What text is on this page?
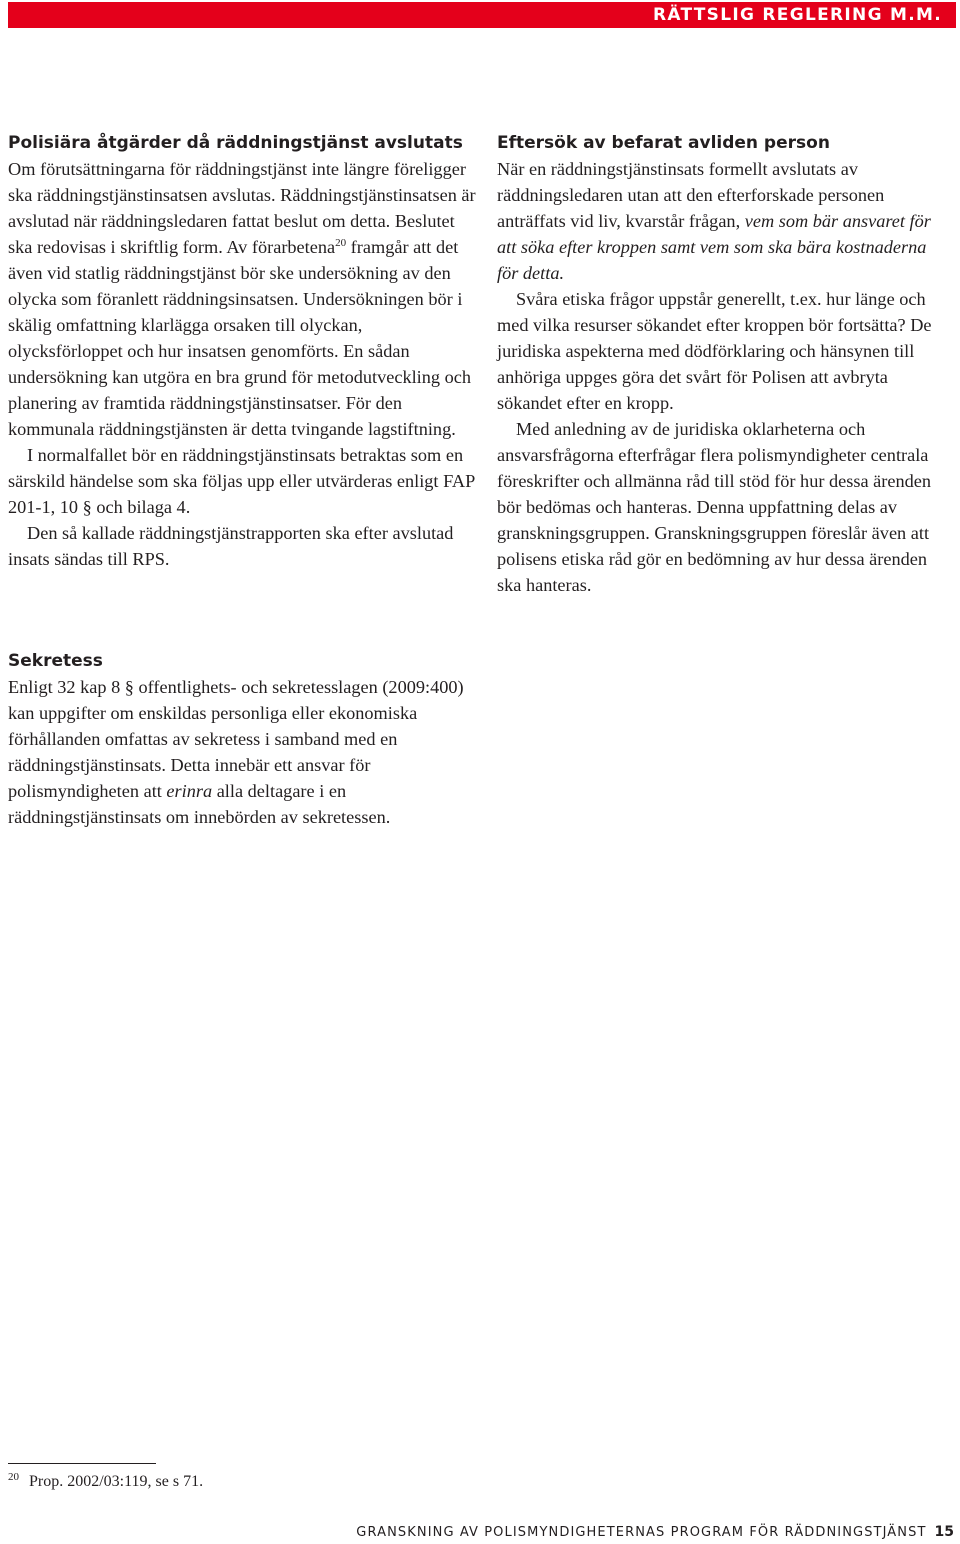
RÄTTSLIG REGLERING M.M.
Polisiära åtgärder då räddningstjänst avslutats

Om förutsättningarna för räddningstjänst inte längre föreligger ska räddningstjänstinsatsen avslutas. Räddningstjänstinsatsen är avslutad när räddningsledaren fattat beslut om detta. Beslutet ska redovisas i skriftlig form. Av förarbetena$^{20}$ framgår att det även vid statlig räddningstjänst bör ske undersökning av den olycka som föranlett räddningsinsatsen. Undersökningen bör i skälig omfattning klarlägga orsaken till olyckan, olycksförloppet och hur insatsen genomförts. En sådan undersökning kan utgöra en bra grund för metodutveckling och planering av framtida räddningstjänstinsatser. För den kommunala räddningstjänsten är detta tvingande lagstiftning.

I normalfallet bör en räddningstjänstinsats betraktas som en särskild händelse som ska följas upp eller utvärderas enligt FAP 201-1, 10 § och bilaga 4.

Den så kallade räddningstjänstrapporten ska efter avslutad insats sändas till RPS.

Sekretess

Enligt 32 kap 8 § offentlighets- och sekretesslagen (2009:400) kan uppgifter om enskildas personliga eller ekonomiska förhållanden omfattas av sekretess i samband med en räddningstjänstinsats. Detta innebär ett ansvar för polismyndigheten att erinra alla deltagare i en räddningstjänstinsats om innebörden av sekretessen.

Eftersök av befarat avliden person

När en räddningstjänstinsats formellt avslutats av räddningsledaren utan att den efterforskade personen anträffats vid liv, kvarstår frågan, vem som bär ansvaret för att söka efter kroppen samt vem som ska bära kostnaderna för detta.

Svåra etiska frågor uppstår generellt, t.ex. hur länge och med vilka resurser sökandet efter kroppen bör fortsätta? De juridiska aspekterna med dödförklaring och hänsynen till anhöriga uppges göra det svårt för Polisen att avbryta sökandet efter en kropp.

Med anledning av de juridiska oklarheterna och ansvarsfrågorna efterfrågar flera polismyndigheter centrala föreskrifter och allmänna råd till stöd för hur dessa ärenden bör bedömas och hanteras. Denna uppfattning delas av granskningsgruppen. Granskningsgruppen föreslår även att polisens etiska råd gör en bedömning av hur dessa ärenden ska hanteras.

$^{20}$ Prop. 2002/03:119, se s 71.
GRANSKNING AV POLISMYNDIGHETERNAS PROGRAM FÖR RÄDDNINGSTJÄNST 15
